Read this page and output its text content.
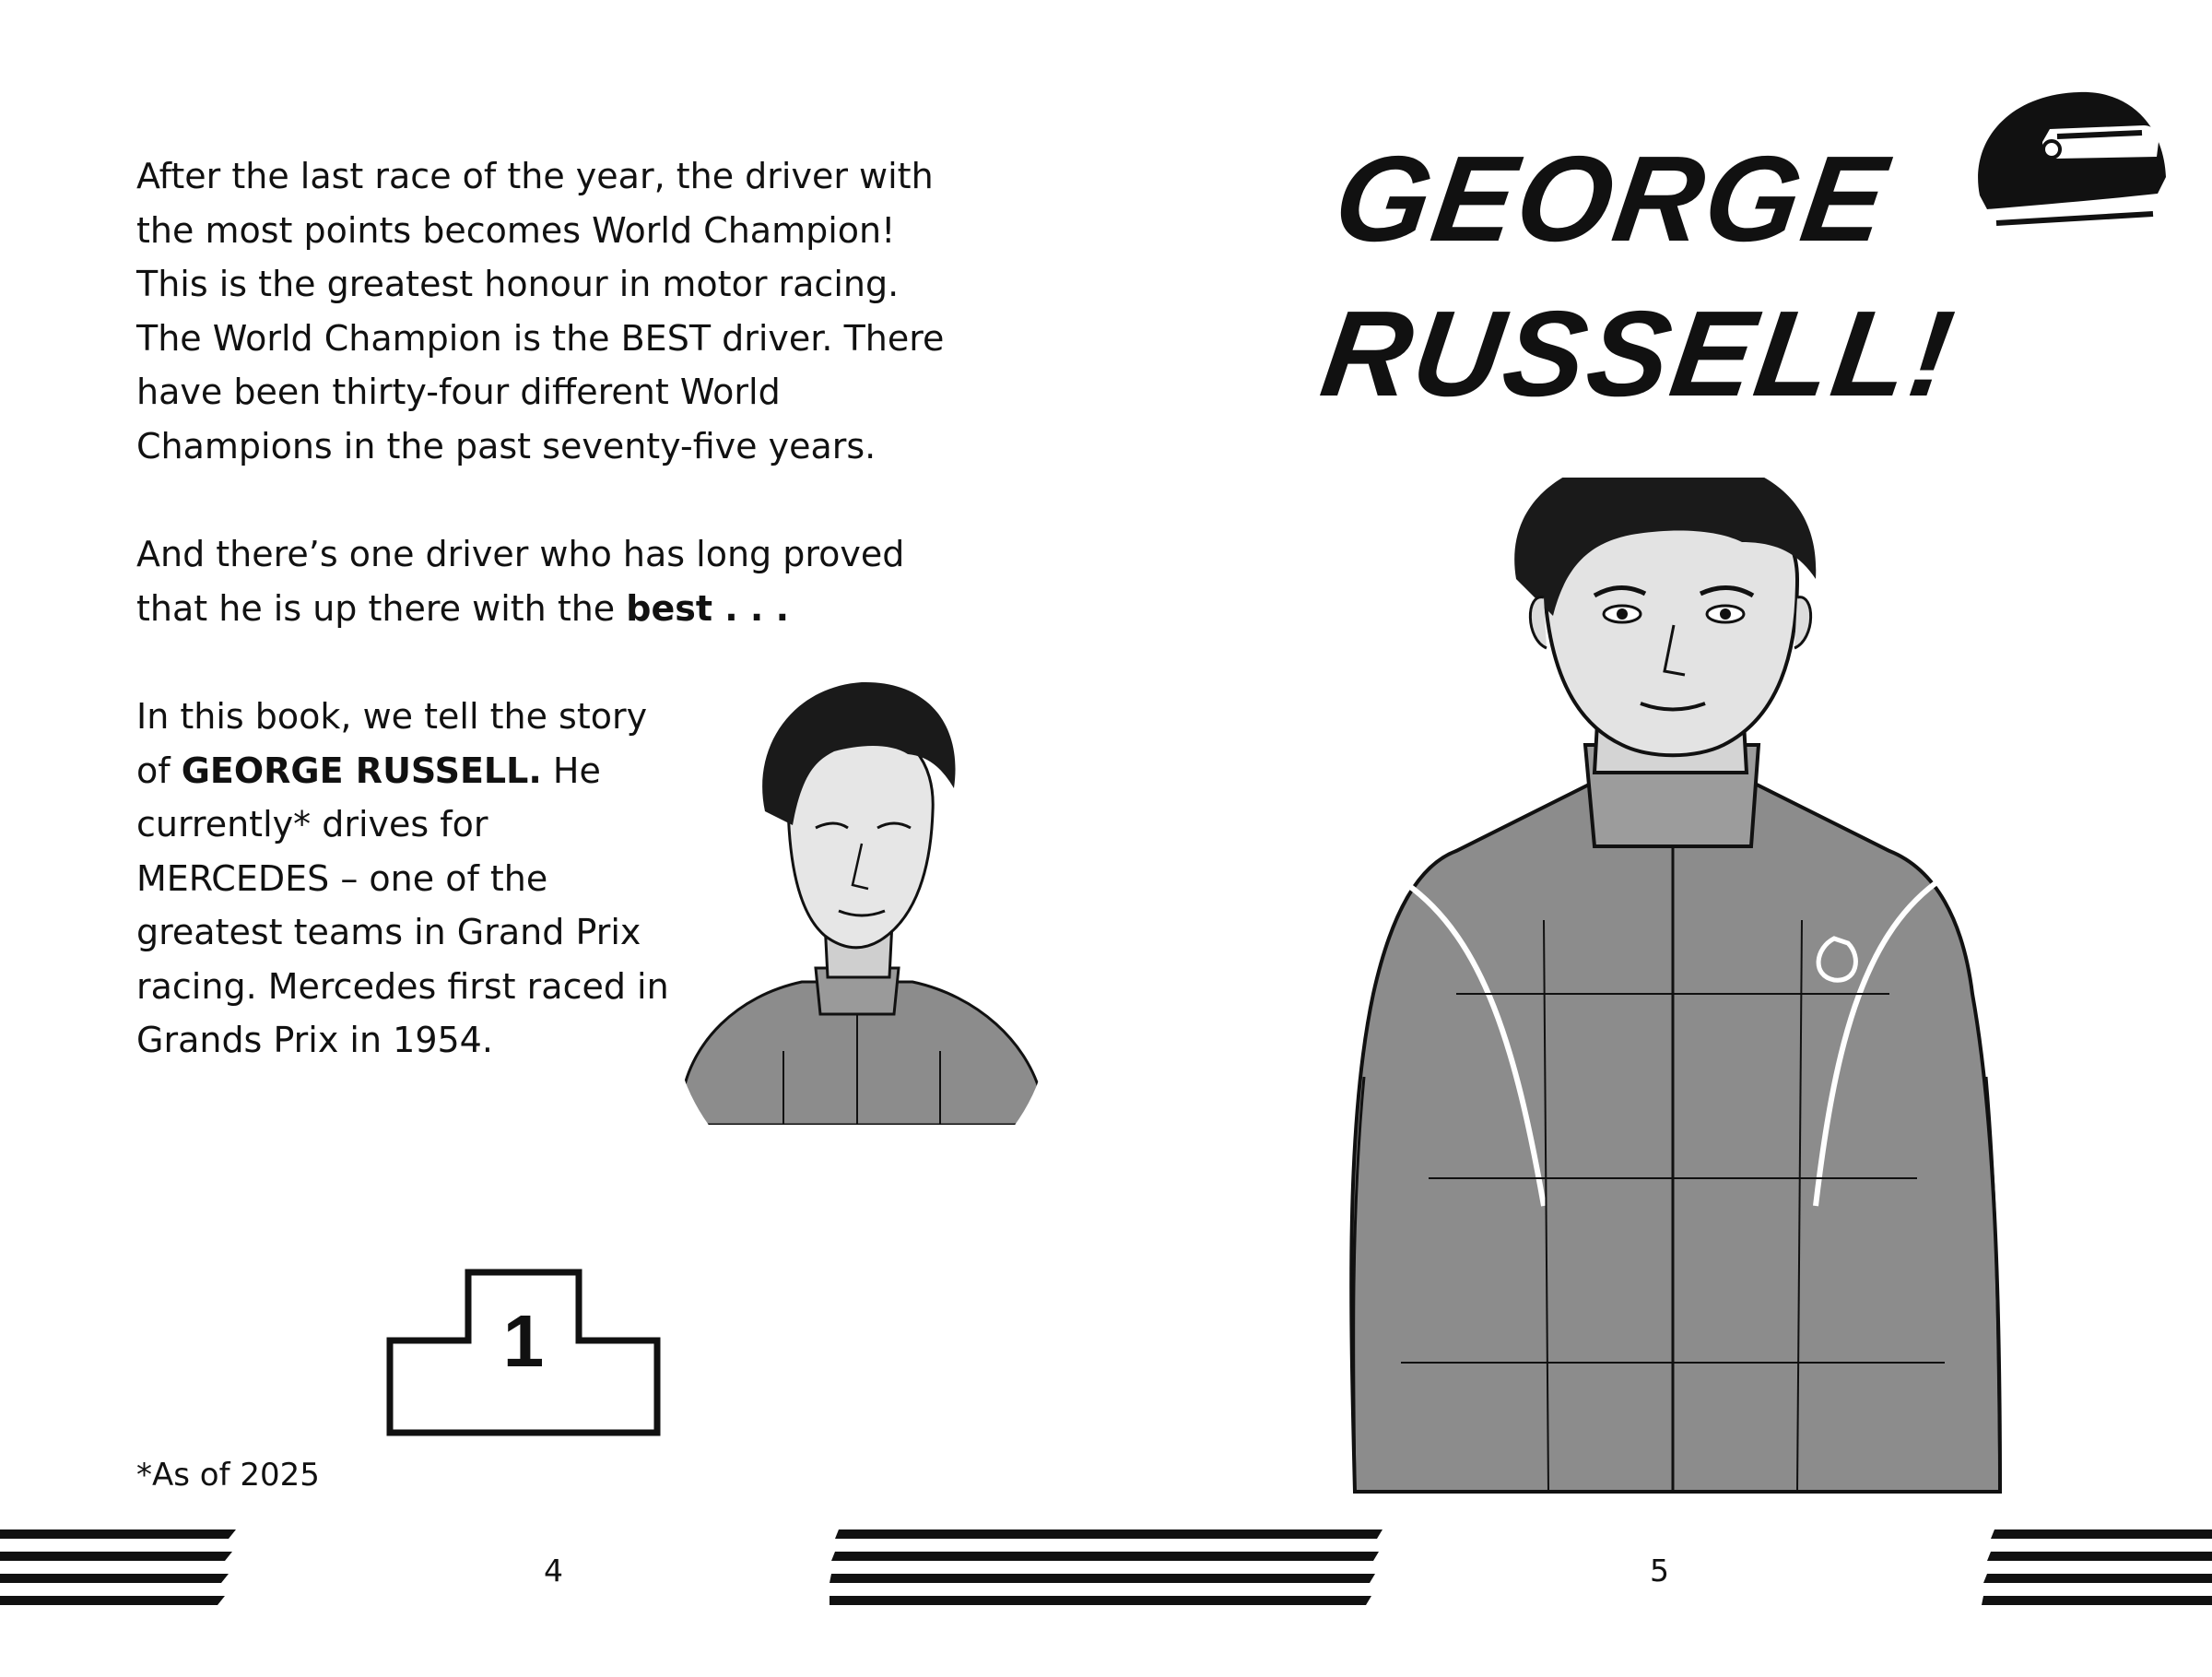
After the last race of the year, the driver with the most points becomes World Champion! This is the greatest honour in motor racing. The World Champion is the BEST driver. There have been thirty-four different World Champions in the past seventy-five years.

And there’s one driver who has long proved that he is up there with the best . . .

In this book, we tell the story of GEORGE RUSSELL. He currently* drives for MERCEDES – one of the greatest teams in Grand Prix racing. Mercedes first raced in Grands Prix in 1954.

1

*As of 2025

4
GEORGE
RUSSELL!
5
